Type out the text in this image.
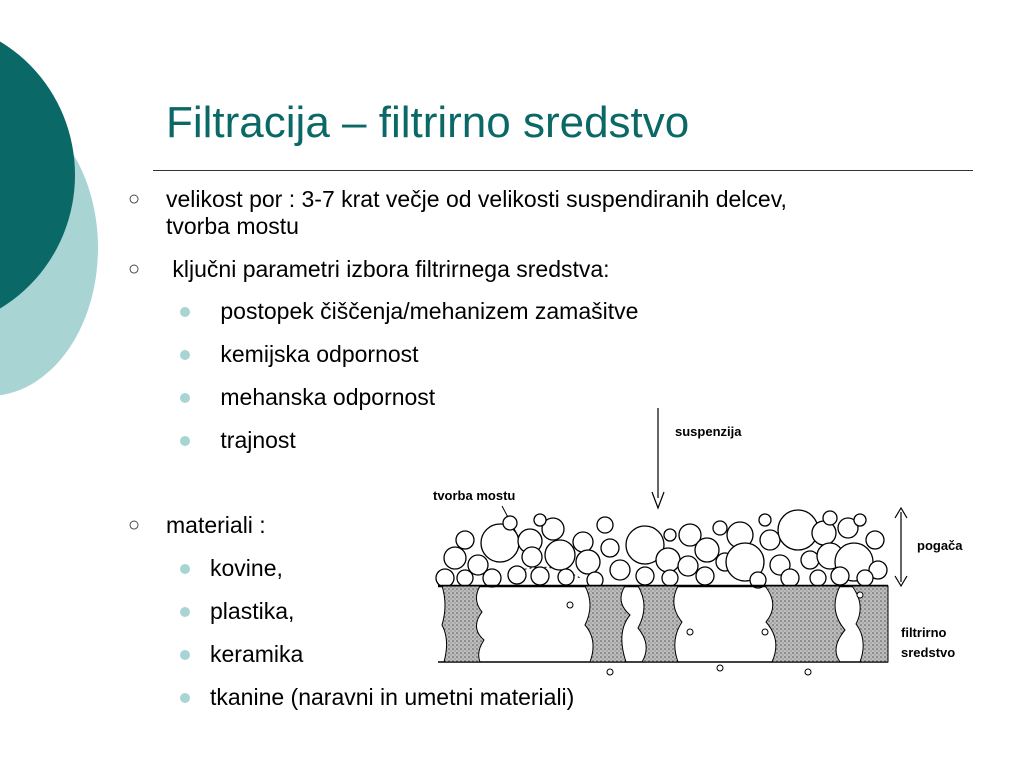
Filtracija – filtrirno sredstvo
○ velikost por : 3-7 krat večje od velikosti suspendiranih delcev,
tvorba mostu
○ ključni parametri izbora filtrirnega sredstva:
postopek čiščenja/mehanizem zamašitve
kemijska odpornost
mehanska odpornost
trajnost
○ materiali :
kovine,
plastika,
keramika
tkanine (naravni in umetni materiali)
suspenzija
tvorba mostu
pogača
filtrirno
sredstvo
